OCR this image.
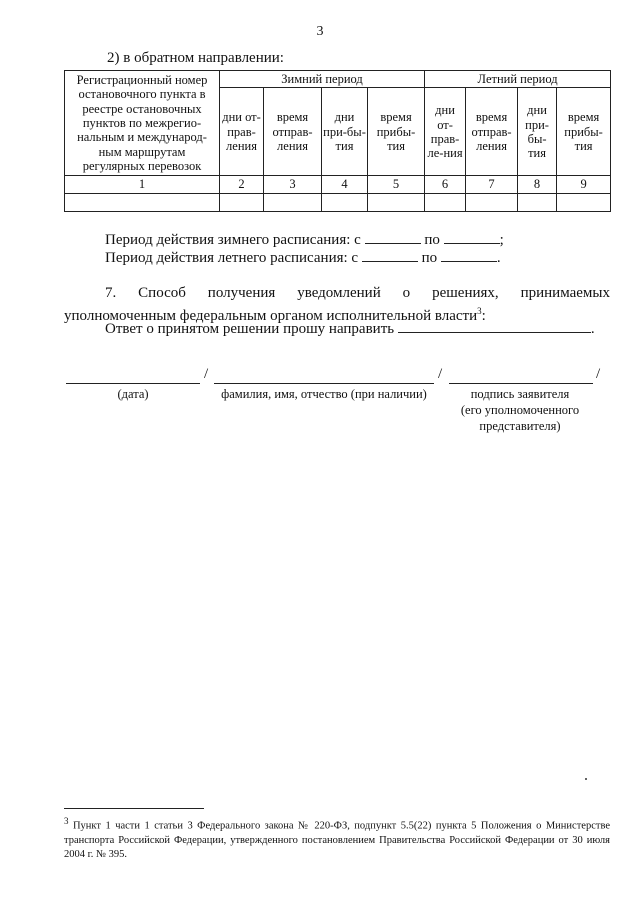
3
2) в обратном направлении:
Регистрационный номер остановочного пункта в реестре остановочных пунктов по межрегио-нальным и международ-ным маршрутам регулярных перевозок	Зимний период				Летний период			
	дни от-прав-ления	время отправ-ления	дни при-бы-тия	время прибы-тия	дни от-прав-ле-ния	время отправ-ления	дни при-бы-тия	время прибы-тия
1	2	3	4	5	6	7	8	9

Период действия зимнего расписания: с	по	;
Период действия летнего расписания: с	по	.
7. Способ получения уведомлений о решениях, принимаемых
уполномоченным федеральным органом исполнительной власти$^3$:
Ответ о принятом решении прошу направить	.
/	/	/
(дата)	фамилия, имя, отчество (при наличии)	подпись заявителя
(его уполномоченного
представителя)
$^3$ Пункт 1 части 1 статьи 3 Федерального закона № 220-ФЗ, подпункт 5.5(22) пункта 5 Положения о Министерстве транспорта Российской Федерации, утвержденного постановлением Правительства Российской Федерации от 30 июля 2004 г. № 395.
